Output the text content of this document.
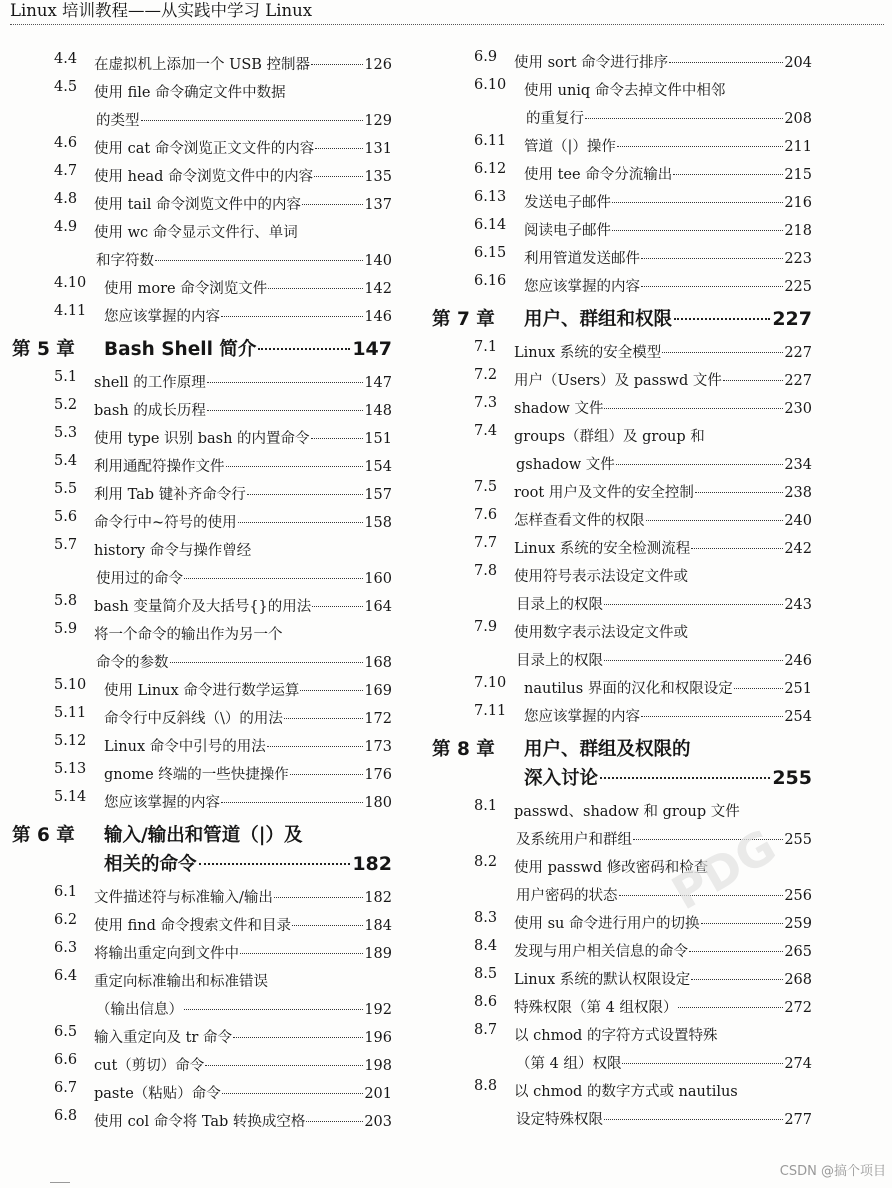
Linux 培训教程——从实践中学习 Linux
4.4 在虚拟机上添加一个 USB 控制器	126
4.5 使用 file 命令确定文件中数据
的类型	129
4.6 使用 cat 命令浏览正文文件的内容	131
4.7 使用 head 命令浏览文件中的内容	135
4.8 使用 tail 命令浏览文件中的内容	137
4.9 使用 wc 命令显示文件行、单词
和字符数	140
4.10 使用 more 命令浏览文件	142
4.11 您应该掌握的内容	146
第 5 章 Bash Shell 简介	147
5.1 shell 的工作原理	147
5.2 bash 的成长历程	148
5.3 使用 type 识别 bash 的内置命令	151
5.4 利用通配符操作文件	154
5.5 利用 Tab 键补齐命令行	157
5.6 命令行中~符号的使用	158
5.7 history 命令与操作曾经
使用过的命令	160
5.8 bash 变量简介及大括号{}的用法	164
5.9 将一个命令的输出作为另一个
命令的参数	168
5.10 使用 Linux 命令进行数学运算	169
5.11 命令行中反斜线（\）的用法	172
5.12 Linux 命令中引号的用法	173
5.13 gnome 终端的一些快捷操作	176
5.14 您应该掌握的内容	180
第 6 章 输入/输出和管道（|）及
相关的命令	182
6.1 文件描述符与标准输入/输出	182
6.2 使用 find 命令搜索文件和目录	184
6.3 将输出重定向到文件中	189
6.4 重定向标准输出和标准错误
（输出信息）	192
6.5 输入重定向及 tr 命令	196
6.6 cut（剪切）命令	198
6.7 paste（粘贴）命令	201
6.8 使用 col 命令将 Tab 转换成空格	203
6.9 使用 sort 命令进行排序	204
6.10 使用 uniq 命令去掉文件中相邻
的重复行	208
6.11 管道（|）操作	211
6.12 使用 tee 命令分流输出	215
6.13 发送电子邮件	216
6.14 阅读电子邮件	218
6.15 利用管道发送邮件	223
6.16 您应该掌握的内容	225
第 7 章 用户、群组和权限	227
7.1 Linux 系统的安全模型	227
7.2 用户（Users）及 passwd 文件	227
7.3 shadow 文件	230
7.4 groups（群组）及 group 和
gshadow 文件	234
7.5 root 用户及文件的安全控制	238
7.6 怎样查看文件的权限	240
7.7 Linux 系统的安全检测流程	242
7.8 使用符号表示法设定文件或
目录上的权限	243
7.9 使用数字表示法设定文件或
目录上的权限	246
7.10 nautilus 界面的汉化和权限设定	251
7.11 您应该掌握的内容	254
第 8 章 用户、群组及权限的
深入讨论	255
8.1 passwd、shadow 和 group 文件
及系统用户和群组	255
8.2 使用 passwd 修改密码和检查
用户密码的状态	256
8.3 使用 su 命令进行用户的切换	259
8.4 发现与用户相关信息的命令	265
8.5 Linux 系统的默认权限设定	268
8.6 特殊权限（第 4 组权限）	272
8.7 以 chmod 的字符方式设置特殊
（第 4 组）权限	274
8.8 以 chmod 的数字方式或 nautilus
设定特殊权限	277
PDG
CSDN @搞个项目
